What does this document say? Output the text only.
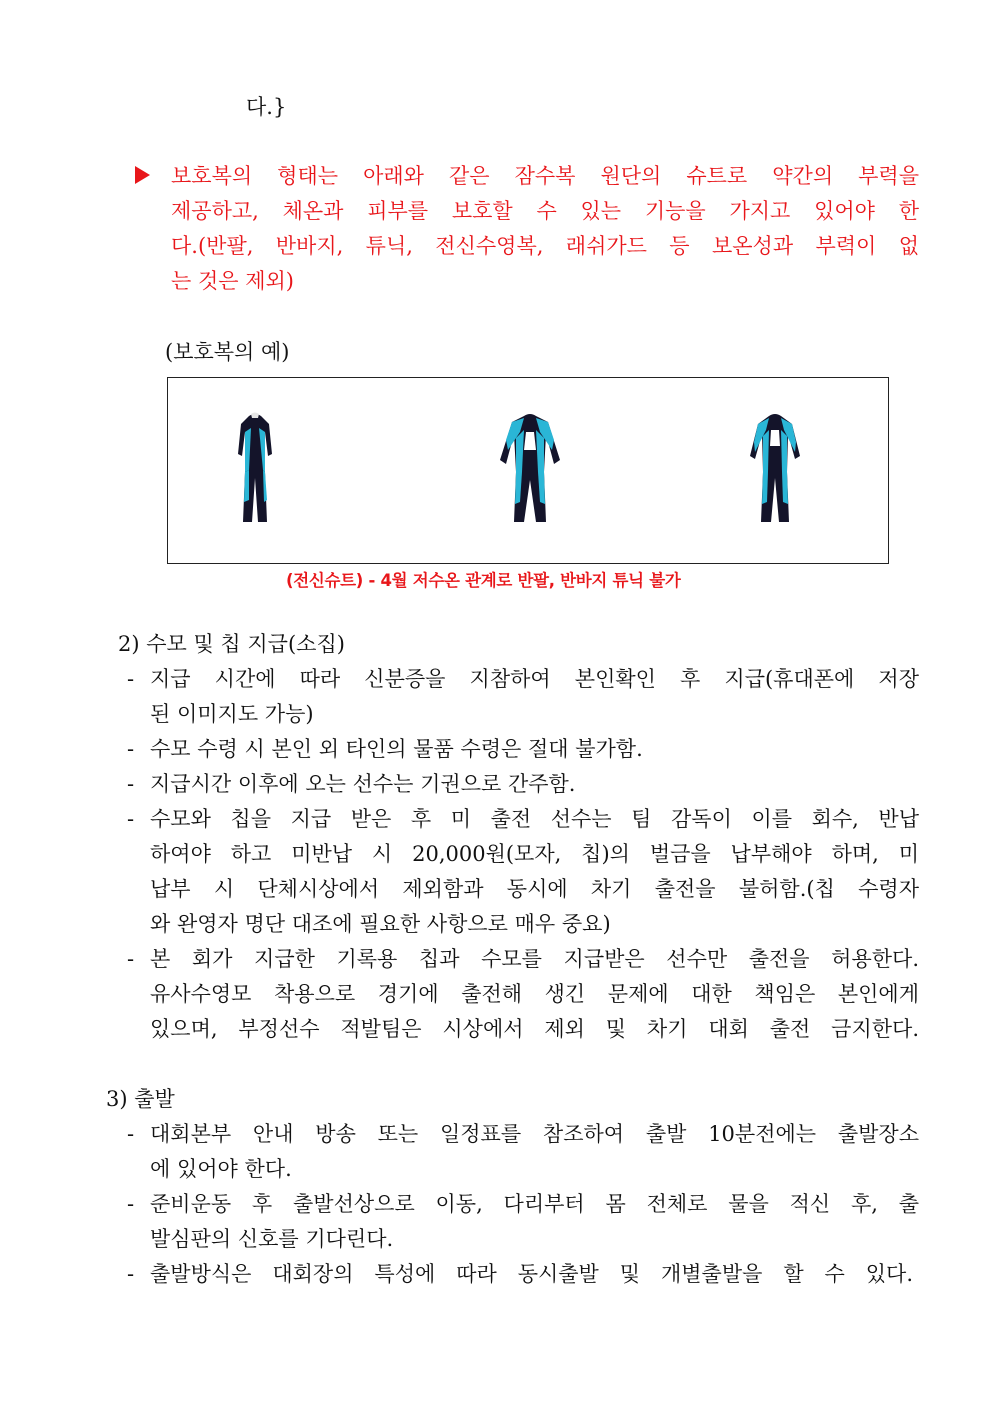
다.}
보호복의 형태는 아래와 같은 잠수복 원단의 슈트로 약간의 부력을
제공하고, 체온과 피부를 보호할 수 있는 기능을 가지고 있어야 한
다.(반팔, 반바지, 튜닉, 전신수영복, 래쉬가드 등 보온성과 부력이 없
는 것은 제외)
(보호복의 예)
(전신슈트) - 4월 저수온 관계로 반팔, 반바지 튜닉 불가
2) 수모 및 칩 지급(소집)
- 지급 시간에 따라 신분증을 지참하여 본인확인 후 지급(휴대폰에 저장
된 이미지도 가능)
- 수모 수령 시 본인 외 타인의 물품 수령은 절대 불가함.
- 지급시간 이후에 오는 선수는 기권으로 간주함.
- 수모와 칩을 지급 받은 후 미 출전 선수는 팀 감독이 이를 회수, 반납
하여야 하고 미반납 시 20,000원(모자, 칩)의 벌금을 납부해야 하며, 미
납부 시 단체시상에서 제외함과 동시에 차기 출전을 불허함.(칩 수령자
와 완영자 명단 대조에 필요한 사항으로 매우 중요)
- 본 회가 지급한 기록용 칩과 수모를 지급받은 선수만 출전을 허용한다.
유사수영모 착용으로 경기에 출전해 생긴 문제에 대한 책임은 본인에게
있으며, 부정선수 적발팀은 시상에서 제외 및 차기 대회 출전 금지한다.
3) 출발
- 대회본부 안내 방송 또는 일정표를 참조하여 출발 10분전에는 출발장소
에 있어야 한다.
- 준비운동 후 출발선상으로 이동, 다리부터 몸 전체로 물을 적신 후, 출
발심판의 신호를 기다린다.
- 출발방식은 대회장의 특성에 따라 동시출발 및 개별출발을 할 수 있다.
